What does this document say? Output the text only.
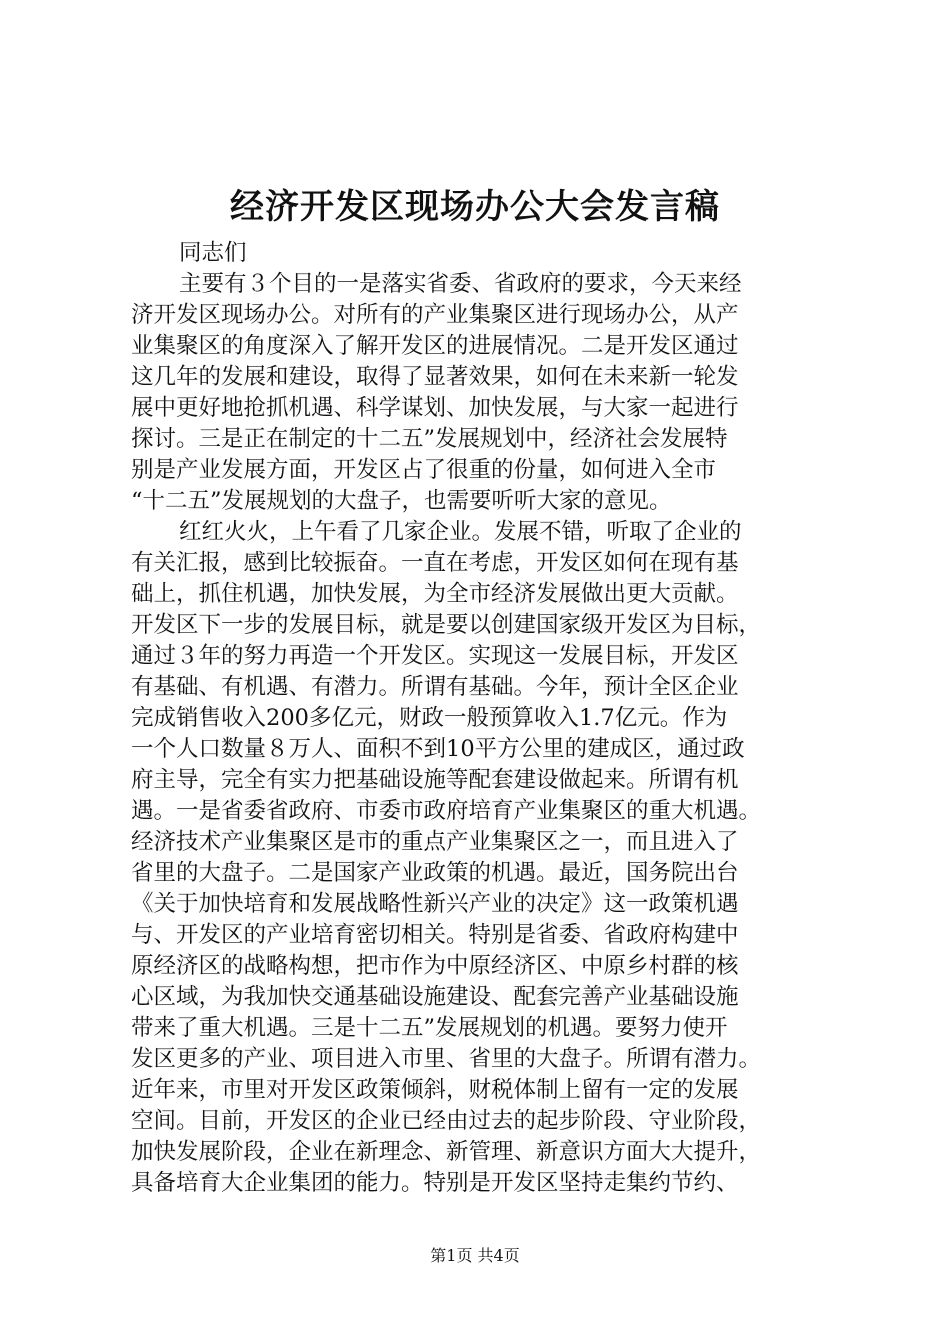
经济开发区现场办公大会发言稿
同志们
主要有３个目的一是落实省委、省政府的要求，今天来经
济开发区现场办公。对所有的产业集聚区进行现场办公，从产
业集聚区的角度深入了解开发区的进展情况。二是开发区通过
这几年的发展和建设，取得了显著效果，如何在未来新一轮发
展中更好地抢抓机遇、科学谋划、加快发展，与大家一起进行
探讨。三是正在制定的十二五”发展规划中，经济社会发展特
别是产业发展方面，开发区占了很重的份量，如何进入全市
“十二五”发展规划的大盘子，也需要听听大家的意见。
红红火火，上午看了几家企业。发展不错，听取了企业的
有关汇报，感到比较振奋。一直在考虑，开发区如何在现有基
础上，抓住机遇，加快发展，为全市经济发展做出更大贡献。
开发区下一步的发展目标，就是要以创建国家级开发区为目标，
通过３年的努力再造一个开发区。实现这一发展目标，开发区
有基础、有机遇、有潜力。所谓有基础。今年，预计全区企业
完成销售收入200多亿元，财政一般预算收入1.7亿元。作为
一个人口数量８万人、面积不到10平方公里的建成区，通过政
府主导，完全有实力把基础设施等配套建设做起来。所谓有机
遇。一是省委省政府、市委市政府培育产业集聚区的重大机遇。
经济技术产业集聚区是市的重点产业集聚区之一，而且进入了
省里的大盘子。二是国家产业政策的机遇。最近，国务院出台
《关于加快培育和发展战略性新兴产业的决定》这一政策机遇
与、开发区的产业培育密切相关。特别是省委、省政府构建中
原经济区的战略构想，把市作为中原经济区、中原乡村群的核
心区域，为我加快交通基础设施建设、配套完善产业基础设施
带来了重大机遇。三是十二五”发展规划的机遇。要努力使开
发区更多的产业、项目进入市里、省里的大盘子。所谓有潜力。
近年来，市里对开发区政策倾斜，财税体制上留有一定的发展
空间。目前，开发区的企业已经由过去的起步阶段、守业阶段，
加快发展阶段，企业在新理念、新管理、新意识方面大大提升，
具备培育大企业集团的能力。特别是开发区坚持走集约节约、
第1页 共4页
